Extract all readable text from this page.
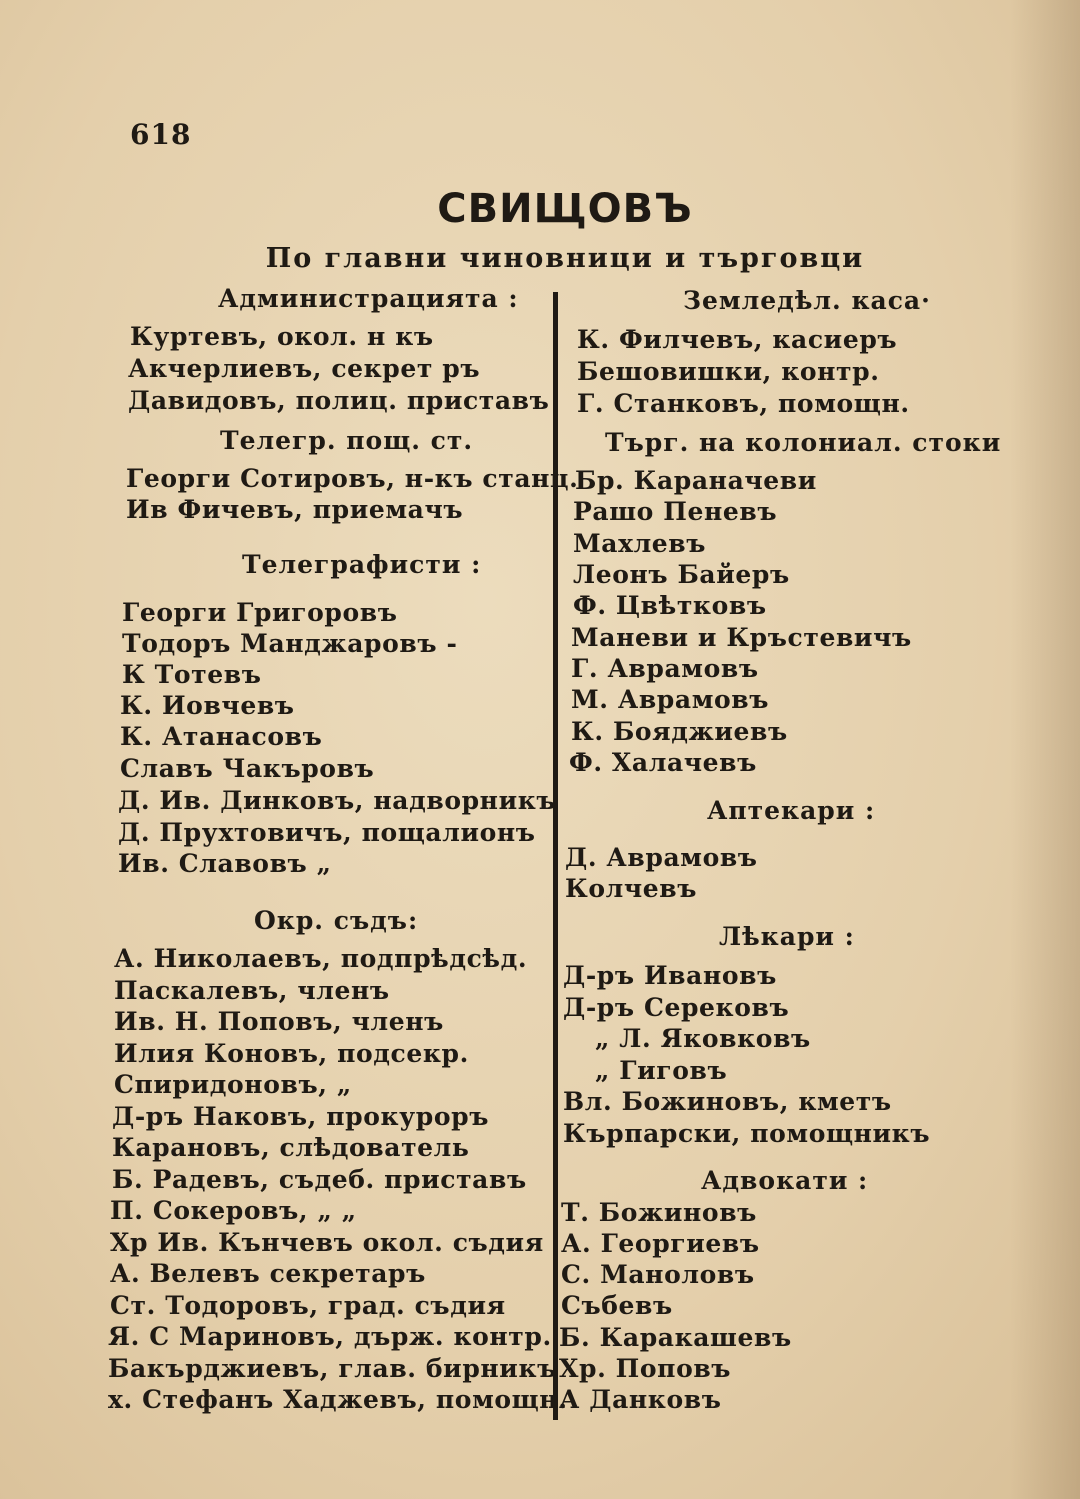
618
СВИЩОВЪ
По главни чиновници и търговци
Администрацията :
Куртевъ, окол. н къ
Акчерлиевъ, секрет ръ
Давидовъ, полиц. приставъ
Телегр. пощ. ст.
Георги Сотировъ, н-къ станц.
Ив Фичевъ, приемачъ
Телеграфисти :
Георги Григоровъ
Тодоръ Манджаровъ -
К Тотевъ
К. Иовчевъ
К. Атанасовъ
Славъ Чакъровъ
Д. Ив. Динковъ, надворникъ
Д. Прухтовичъ, пощалионъ
Ив. Славовъ „
Окр. съдъ:
А. Николаевъ, подпрѣдсѣд.
Паскалевъ, членъ
Ив. Н. Поповъ, членъ
Илия Коновъ, подсекр.
Спиридоновъ, „
Д-ръ Наковъ, прокуроръ
Карановъ, слѣдователь
Б. Радевъ, съдеб. приставъ
П. Сокеровъ, „ „
Хр Ив. Кънчевъ окол. съдия
А. Велевъ секретаръ
Ст. Тодоровъ, град. съдия
Я. С Мариновъ, държ. контр.
Бакърджиевъ, глав. бирникъ
х. Стефанъ Хаджевъ, помощн.
Земледѣл. каса·
К. Филчевъ, касиеръ
Бешовишки, контр.
Г. Станковъ, помощн.
Търг. на колониал. стоки
Бр. Караначеви
Рашо Пеневъ
Махлевъ
Леонъ Байеръ
Ф. Цвѣтковъ
Маневи и Кръстевичъ
Г. Аврамовъ
М. Аврамовъ
К. Бояджиевъ
Ф. Халачевъ
Аптекари :
Д. Аврамовъ
Колчевъ
Лѣкари :
Д-ръ Ивановъ
Д-ръ Серековъ
„ Л. Яковковъ
„ Гиговъ
Вл. Божиновъ, кметъ
Кърпарски, помощникъ
Адвокати :
Т. Божиновъ
А. Георгиевъ
С. Маноловъ
Събевъ
Б. Каракашевъ
Хр. Поповъ
А Данковъ
